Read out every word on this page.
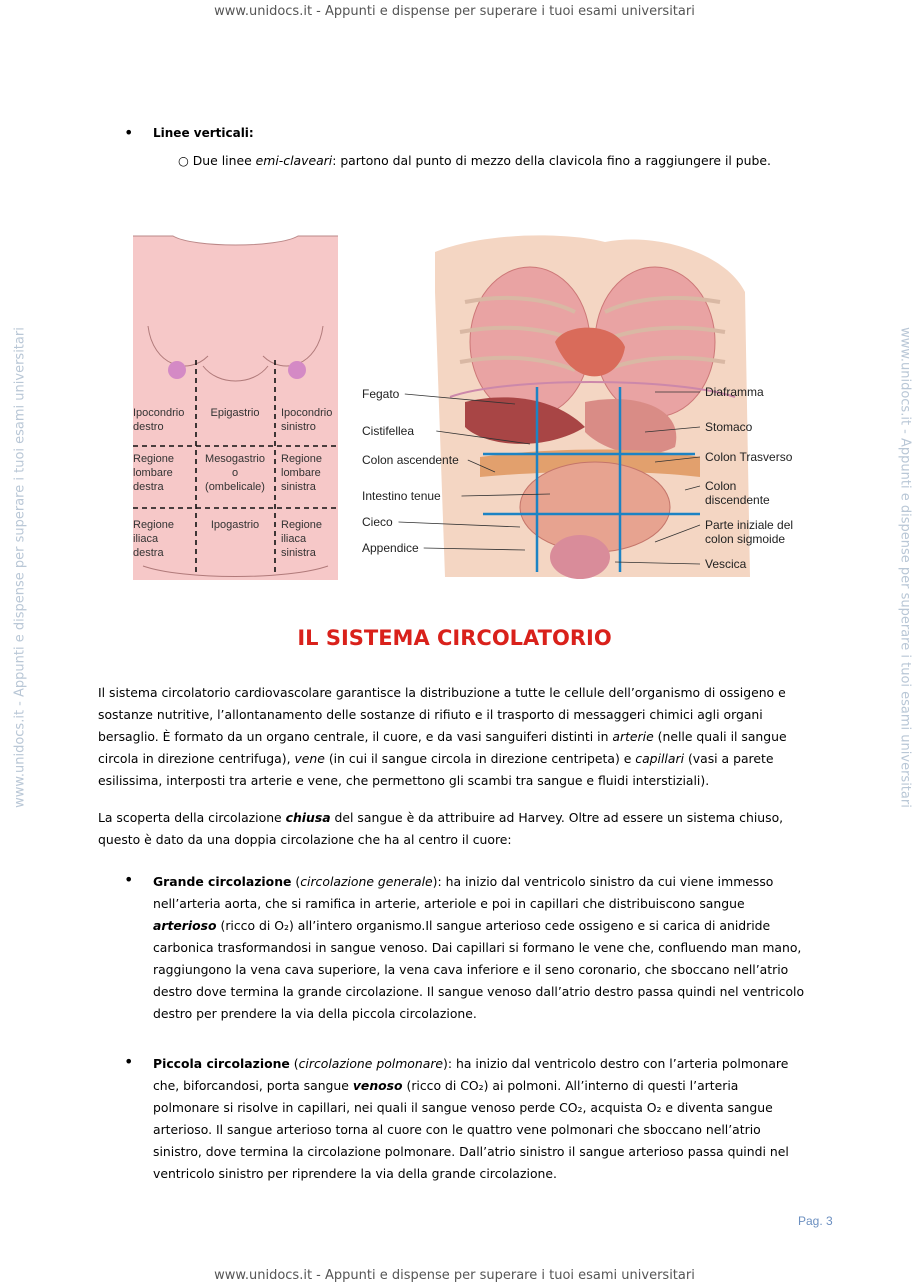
www.unidocs.it - Appunti e dispense per superare i tuoi esami universitari
www.unidocs.it - Appunti e dispense per superare i tuoi esami universitari	www.unidocs.it - Appunti e dispense per superare i tuoi esami universitari
• Linee verticali:
○ Due linee emi-claveari: partono dal punto di mezzo della clavicola fino a raggiungere il pube.
Ipocondrio destro
Epigastrio Ipocondrio sinistro
Regione lombare destra
Mesogastrio o (ombelicale)
Regione lombare sinistra
Regione iliaca destra
Ipogastrio Regione iliaca sinistra
Fegato
Cistifellea
Colon ascendente
Intestino tenue
Cieco
Appendice
Diaframma
Stomaco
Colon Trasverso
Colon discendente
Parte iniziale del colon sigmoide
Vescica
IL SISTEMA CIRCOLATORIO
Il sistema circolatorio cardiovascolare garantisce la distribuzione a tutte le cellule dell’organismo di ossigeno e sostanze nutritive, l’allontanamento delle sostanze di rifiuto e il trasporto di messaggeri chimici agli organi bersaglio. È formato da un organo centrale, il cuore, e da vasi sanguiferi distinti in arterie (nelle quali il sangue circola in direzione centrifuga), vene (in cui il sangue circola in direzione centripeta) e capillari (vasi a parete esilissima, interposti tra arterie e vene, che permettono gli scambi tra sangue e fluidi interstiziali).
La scoperta della circolazione chiusa del sangue è da attribuire ad Harvey. Oltre ad essere un sistema chiuso, questo è dato da una doppia circolazione che ha al centro il cuore:
• Grande circolazione (circolazione generale): ha inizio dal ventricolo sinistro da cui viene immesso nell’arteria aorta, che si ramifica in arterie, arteriole e poi in capillari che distribuiscono sangue arterioso (ricco di O₂) all’intero organismo.Il sangue arterioso cede ossigeno e si carica di anidride carbonica trasformandosi in sangue venoso. Dai capillari si formano le vene che, confluendo man mano, raggiungono la vena cava superiore, la vena cava inferiore e il seno coronario, che sboccano nell’atrio destro dove termina la grande circolazione. Il sangue venoso dall’atrio destro passa quindi nel ventricolo destro per prendere la via della piccola circolazione.
• Piccola circolazione (circolazione polmonare): ha inizio dal ventricolo destro con l’arteria polmonare che, biforcandosi, porta sangue venoso (ricco di CO₂) ai polmoni. All’interno di questi l’arteria polmonare si risolve in capillari, nei quali il sangue venoso perde CO₂, acquista O₂ e diventa sangue arterioso. Il sangue arterioso torna al cuore con le quattro vene polmonari che sboccano nell’atrio sinistro, dove termina la circolazione polmonare. Dall’atrio sinistro il sangue arterioso passa quindi nel ventricolo sinistro per riprendere la via della grande circolazione.
Pag. 3
www.unidocs.it - Appunti e dispense per superare i tuoi esami universitari
